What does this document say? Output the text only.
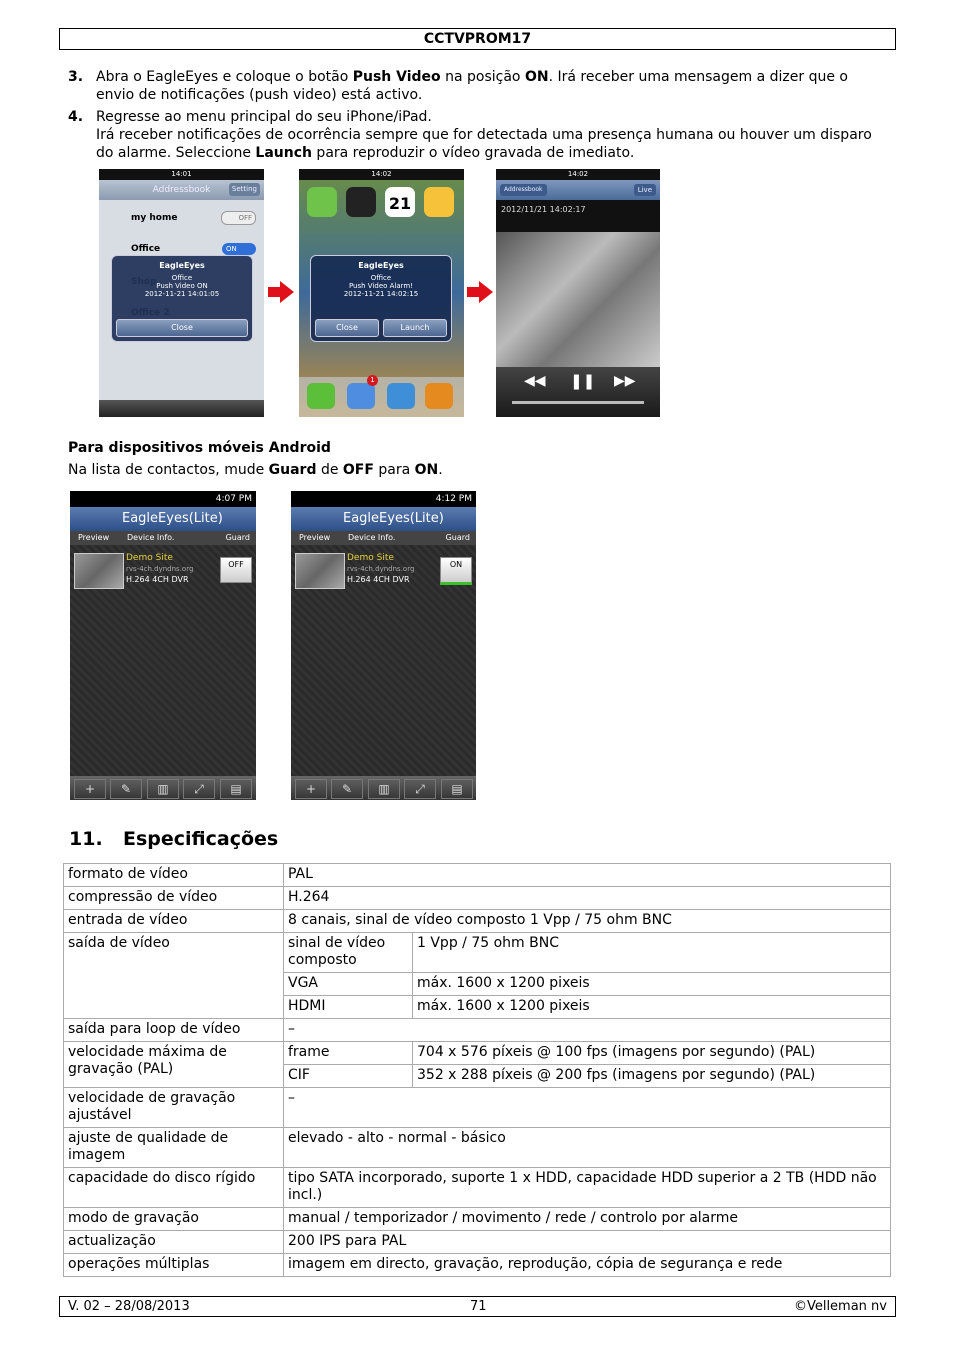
CCTVPROM17
3. Abra o EagleEyes e coloque o botão Push Video na posição ON. Irá receber uma mensagem a dizer que o envio de notificações (push video) está activo.
4. Regresse ao menu principal do seu iPhone/iPad.
Irá receber notificações de ocorrência sempre que for detectada uma presença humana ou houver um disparo do alarme. Seleccione Launch para reproduzir o vídeo gravada de imediato.
14:01
Addressbook	Setting
my home	OFF
Office	ON
EagleEyes
Office
Push Video ON
2012-11-21 14:01:05
Close
14:02
21
EagleEyes
Office
Push Video Alarm!
2012-11-21 14:02:15
Close	Launch
1
14:02
Addressbook	Live
2012/11/21 14:02:17
◀◀ ❚❚ ▶▶
Para dispositivos móveis Android
Na lista de contactos, mude Guard de OFF para ON.
4:07 PM
EagleEyes(Lite)
Preview Device Info.	Guard
Demo Site
rvs-4ch.dyndns.org
H.264 4CH DVR
OFF
+	✎	▥	⤢	▤
4:12 PM
EagleEyes(Lite)
Preview Device Info.	Guard
Demo Site
rvs-4ch.dyndns.org
H.264 4CH DVR
ON
+	✎	▥	⤢	▤
11. Especificações
formato de vídeo	PAL	
compressão de vídeo	H.264	
entrada de vídeo	8 canais, sinal de vídeo composto 1 Vpp / 75 ohm BNC	
saída de vídeo	sinal de vídeo composto	1 Vpp / 75 ohm BNC
	VGA	máx. 1600 x 1200 pixeis
	HDMI	máx. 1600 x 1200 pixeis
saída para loop de vídeo	–	
velocidade máxima de gravação (PAL)	frame	704 x 576 píxeis @ 100 fps (imagens por segundo) (PAL)
	CIF	352 x 288 píxeis @ 200 fps (imagens por segundo) (PAL)
velocidade de gravação ajustável	–	
ajuste de qualidade de imagem	elevado - alto - normal - básico	
capacidade do disco rígido	tipo SATA incorporado, suporte 1 x HDD, capacidade HDD superior a 2 TB (HDD não incl.)	
modo de gravação	manual / temporizador / movimento / rede / controlo por alarme	
actualização	200 IPS para PAL	
operações múltiplas	imagem em directo, gravação, reprodução, cópia de segurança e rede	
V. 02 – 28/08/2013	71	©Velleman nv
